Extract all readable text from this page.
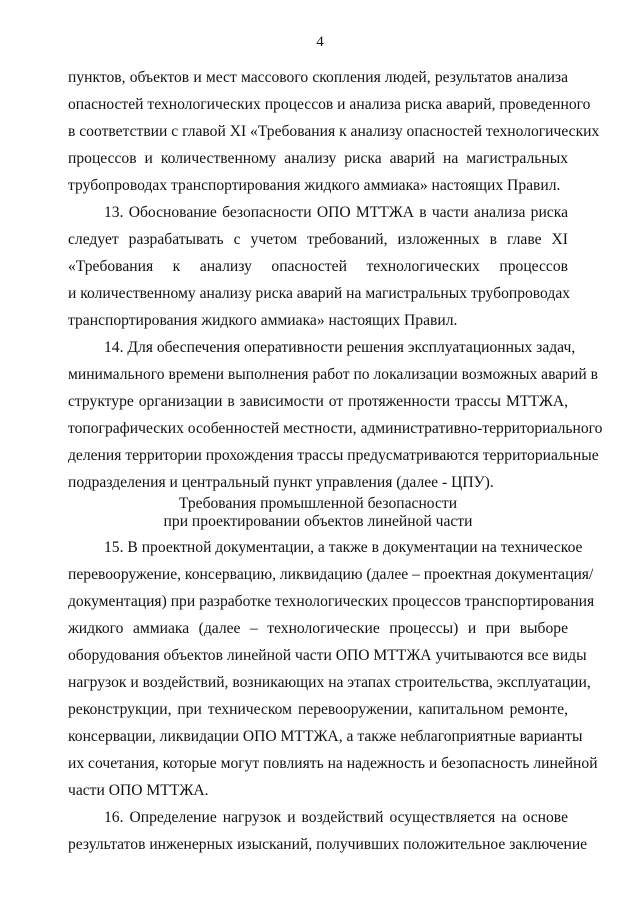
4
пунктов, объектов и мест массового скопления людей, результатов анализа
опасностей технологических процессов и анализа риска аварий, проведенного
в соответствии с главой XI «Требования к анализу опасностей технологических
процессов и количественному анализу риска аварий на магистральных
трубопроводах транспортирования жидкого аммиака» настоящих Правил.
13. Обоснование безопасности ОПО МТТЖА в части анализа риска
следует разрабатывать с учетом требований, изложенных в главе XI
«Требования к анализу опасностей технологических процессов
и количественному анализу риска аварий на магистральных трубопроводах
транспортирования жидкого аммиака» настоящих Правил.
14. Для обеспечения оперативности решения эксплуатационных задач,
минимального времени выполнения работ по локализации возможных аварий в
структуре организации в зависимости от протяженности трассы МТТЖА,
топографических особенностей местности, административно-территориального
деления территории прохождения трассы предусматриваются территориальные
подразделения и центральный пункт управления (далее - ЦПУ).
Требования промышленной безопасности
при проектировании объектов линейной части
15. В проектной документации, а также в документации на техническое
перевооружение, консервацию, ликвидацию (далее – проектная документация/
документация) при разработке технологических процессов транспортирования
жидкого аммиака (далее – технологические процессы) и при выборе
оборудования объектов линейной части ОПО МТТЖА учитываются все виды
нагрузок и воздействий, возникающих на этапах строительства, эксплуатации,
реконструкции, при техническом перевооружении, капитальном ремонте,
консервации, ликвидации ОПО МТТЖА, а также неблагоприятные варианты
их сочетания, которые могут повлиять на надежность и безопасность линейной
части ОПО МТТЖА.
16. Определение нагрузок и воздействий осуществляется на основе
результатов инженерных изысканий, получивших положительное заключение
